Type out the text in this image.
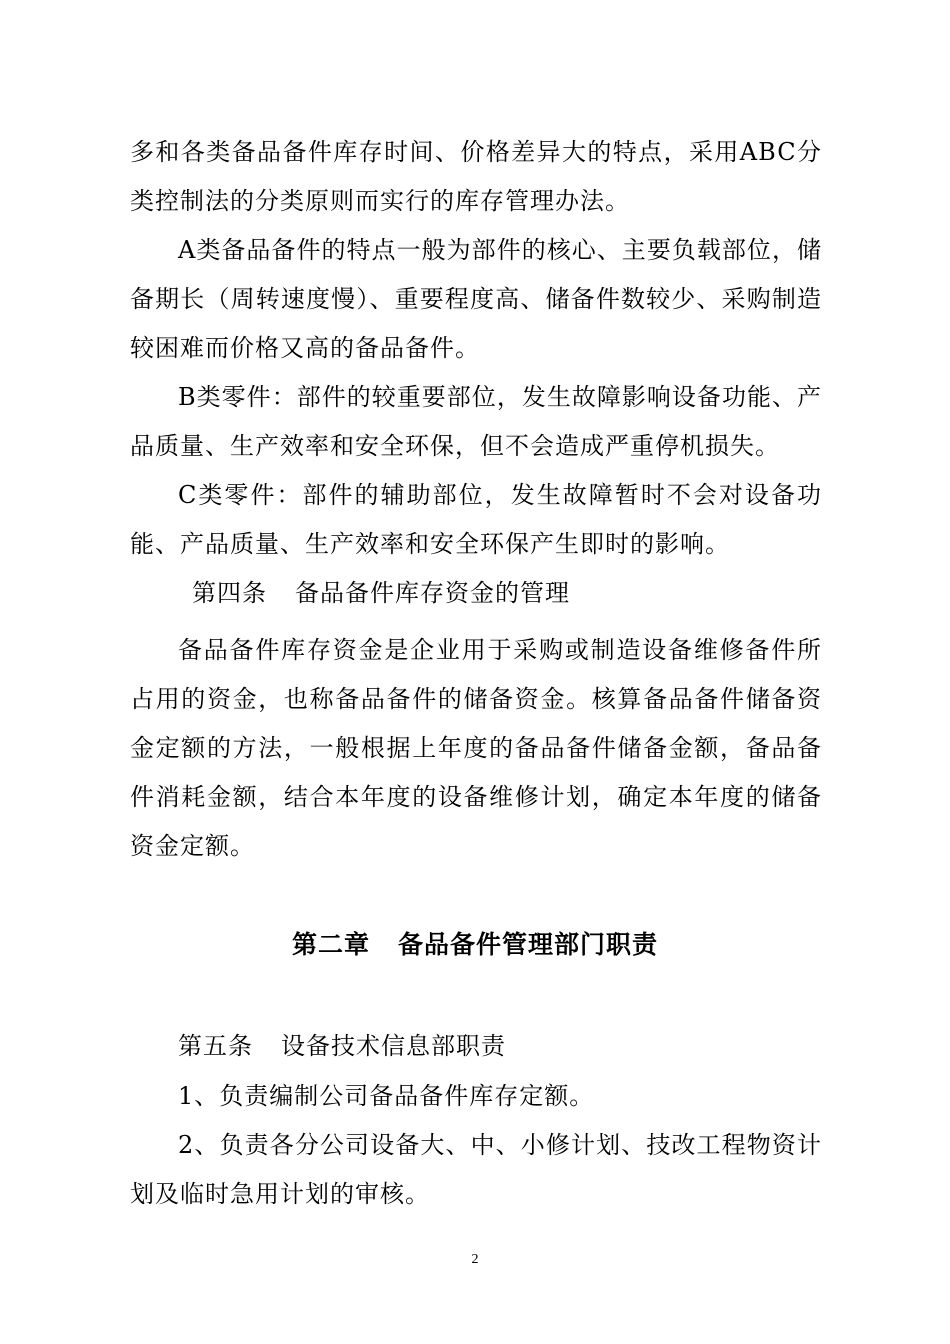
多和各类备品备件库存时间、价格差异大的特点，采用ABC分类控制法的分类原则而实行的库存管理办法。

A类备品备件的特点一般为部件的核心、主要负载部位，储备期长（周转速度慢）、重要程度高、储备件数较少、采购制造较困难而价格又高的备品备件。

B类零件：部件的较重要部位，发生故障影响设备功能、产品质量、生产效率和安全环保，但不会造成严重停机损失。

C类零件：部件的辅助部位，发生故障暂时不会对设备功能、产品质量、生产效率和安全环保产生即时的影响。

第四条 备品备件库存资金的管理

备品备件库存资金是企业用于采购或制造设备维修备件所占用的资金，也称备品备件的储备资金。核算备品备件储备资金定额的方法，一般根据上年度的备品备件储备金额，备品备件消耗金额，结合本年度的设备维修计划，确定本年度的储备资金定额。

第二章 备品备件管理部门职责

第五条 设备技术信息部职责

1、负责编制公司备品备件库存定额。

2、负责各分公司设备大、中、小修计划、技改工程物资计划及临时急用计划的审核。

2
